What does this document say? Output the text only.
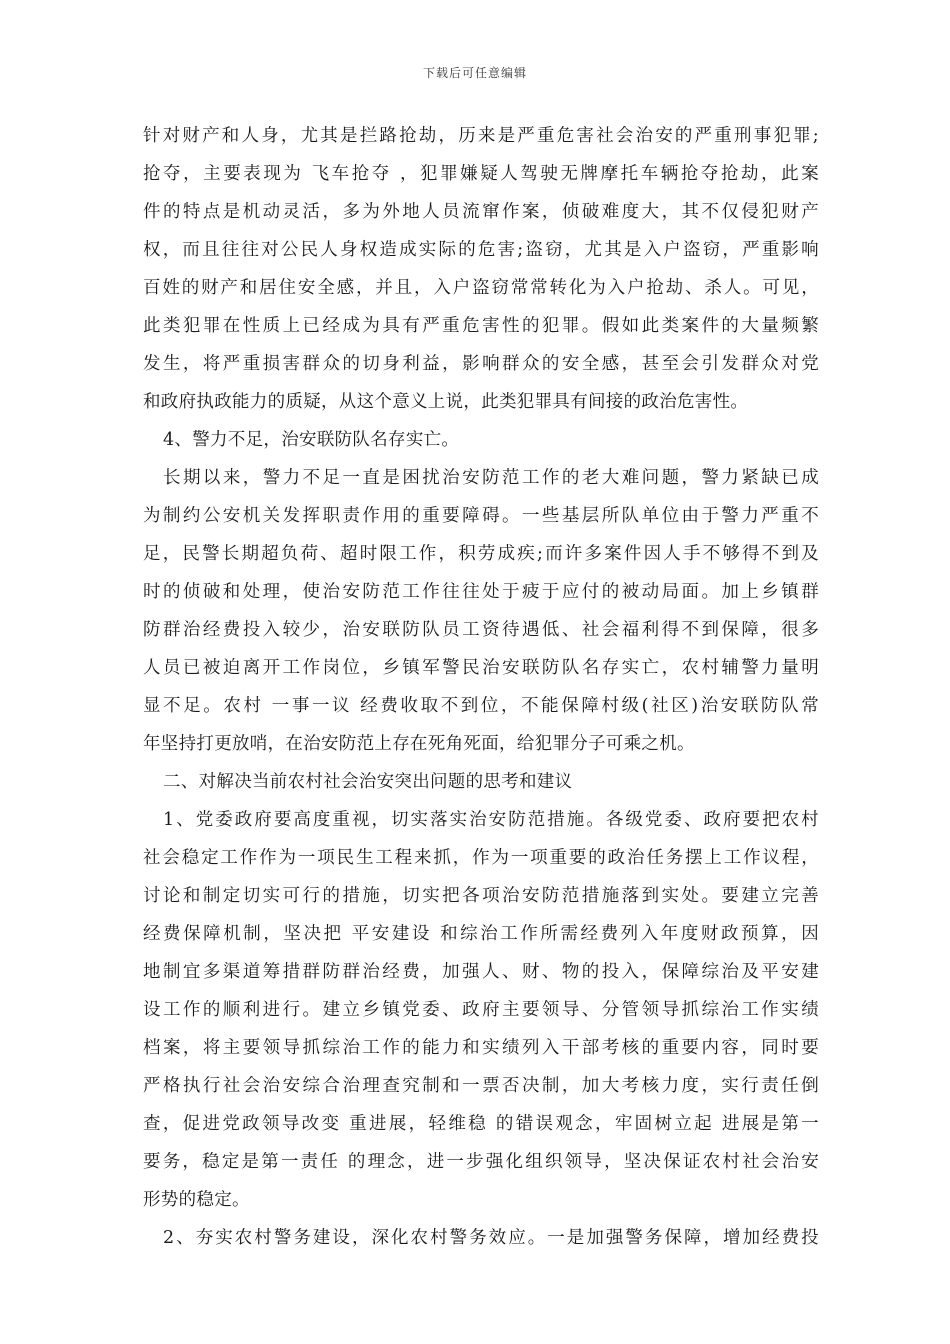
下载后可任意编辑
针对财产和人身，尤其是拦路抢劫，历来是严重危害社会治安的严重刑事犯罪;
抢夺，主要表现为 飞车抢夺 ，犯罪嫌疑人驾驶无牌摩托车辆抢夺抢劫，此案
件的特点是机动灵活，多为外地人员流窜作案，侦破难度大，其不仅侵犯财产
权，而且往往对公民人身权造成实际的危害;盗窃，尤其是入户盗窃，严重影响
百姓的财产和居住安全感，并且，入户盗窃常常转化为入户抢劫、杀人。可见，
此类犯罪在性质上已经成为具有严重危害性的犯罪。假如此类案件的大量频繁
发生，将严重损害群众的切身利益，影响群众的安全感，甚至会引发群众对党
和政府执政能力的质疑，从这个意义上说，此类犯罪具有间接的政治危害性。
4、警力不足，治安联防队名存实亡。
长期以来，警力不足一直是困扰治安防范工作的老大难问题，警力紧缺已成
为制约公安机关发挥职责作用的重要障碍。一些基层所队单位由于警力严重不
足，民警长期超负荷、超时限工作，积劳成疾;而许多案件因人手不够得不到及
时的侦破和处理，使治安防范工作往往处于疲于应付的被动局面。加上乡镇群
防群治经费投入较少，治安联防队员工资待遇低、社会福利得不到保障，很多
人员已被迫离开工作岗位，乡镇军警民治安联防队名存实亡，农村辅警力量明
显不足。农村 一事一议 经费收取不到位，不能保障村级(社区)治安联防队常
年坚持打更放哨，在治安防范上存在死角死面，给犯罪分子可乘之机。
二、对解决当前农村社会治安突出问题的思考和建议
1、党委政府要高度重视，切实落实治安防范措施。各级党委、政府要把农村
社会稳定工作作为一项民生工程来抓，作为一项重要的政治任务摆上工作议程，
讨论和制定切实可行的措施，切实把各项治安防范措施落到实处。要建立完善
经费保障机制，坚决把 平安建设 和综治工作所需经费列入年度财政预算，因
地制宜多渠道筹措群防群治经费，加强人、财、物的投入，保障综治及平安建
设工作的顺利进行。建立乡镇党委、政府主要领导、分管领导抓综治工作实绩
档案，将主要领导抓综治工作的能力和实绩列入干部考核的重要内容，同时要
严格执行社会治安综合治理查究制和一票否决制，加大考核力度，实行责任倒
查，促进党政领导改变 重进展，轻维稳 的错误观念，牢固树立起 进展是第一
要务，稳定是第一责任 的理念，进一步强化组织领导，坚决保证农村社会治安
形势的稳定。
2、夯实农村警务建设，深化农村警务效应。一是加强警务保障，增加经费投
